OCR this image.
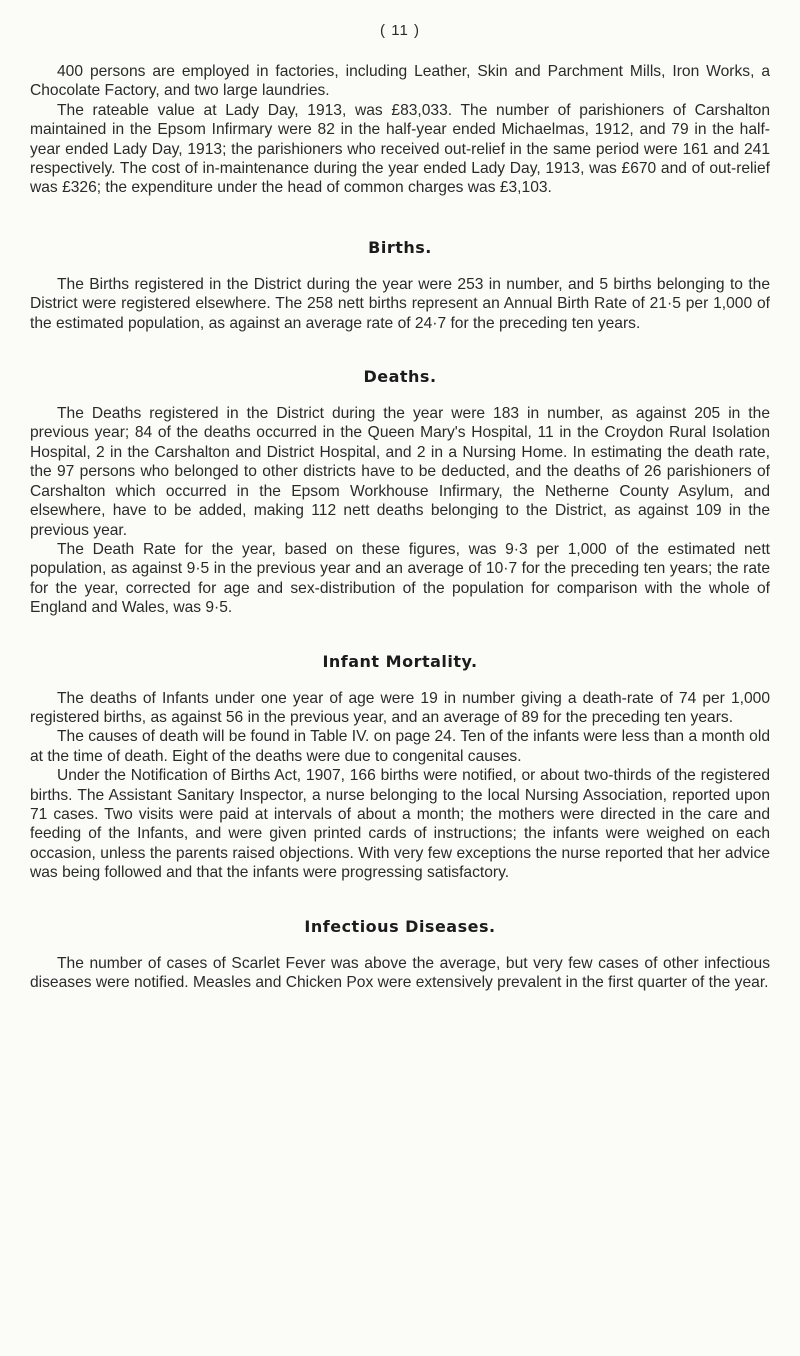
( 11 )

400 persons are employed in factories, including Leather, Skin and Parchment Mills, Iron Works, a Chocolate Factory, and two large laundries.

The rateable value at Lady Day, 1913, was £83,033. The number of parishioners of Carshalton maintained in the Epsom Infirmary were 82 in the half-year ended Michaelmas, 1912, and 79 in the half-year ended Lady Day, 1913; the parishioners who received out-relief in the same period were 161 and 241 respectively. The cost of in-maintenance during the year ended Lady Day, 1913, was £670 and of out-relief was £326; the expenditure under the head of common charges was £3,103.

Births.

The Births registered in the District during the year were 253 in number, and 5 births belonging to the District were registered elsewhere. The 258 nett births represent an Annual Birth Rate of 21·5 per 1,000 of the estimated population, as against an average rate of 24·7 for the preceding ten years.

Deaths.

The Deaths registered in the District during the year were 183 in number, as against 205 in the previous year; 84 of the deaths occurred in the Queen Mary's Hospital, 11 in the Croydon Rural Isolation Hospital, 2 in the Carshalton and District Hospital, and 2 in a Nursing Home. In estimating the death rate, the 97 persons who belonged to other districts have to be deducted, and the deaths of 26 parishioners of Carshalton which occurred in the Epsom Workhouse Infirmary, the Netherne County Asylum, and elsewhere, have to be added, making 112 nett deaths belonging to the District, as against 109 in the previous year.

The Death Rate for the year, based on these figures, was 9·3 per 1,000 of the estimated nett population, as against 9·5 in the previous year and an average of 10·7 for the preceding ten years; the rate for the year, corrected for age and sex-distribution of the population for comparison with the whole of England and Wales, was 9·5.

Infant Mortality.

The deaths of Infants under one year of age were 19 in number giving a death-rate of 74 per 1,000 registered births, as against 56 in the previous year, and an average of 89 for the preceding ten years.

The causes of death will be found in Table IV. on page 24. Ten of the infants were less than a month old at the time of death. Eight of the deaths were due to congenital causes.

Under the Notification of Births Act, 1907, 166 births were notified, or about two-thirds of the registered births. The Assistant Sanitary Inspector, a nurse belonging to the local Nursing Association, reported upon 71 cases. Two visits were paid at intervals of about a month; the mothers were directed in the care and feeding of the Infants, and were given printed cards of instructions; the infants were weighed on each occasion, unless the parents raised objections. With very few exceptions the nurse reported that her advice was being followed and that the infants were progressing satisfactory.

Infectious Diseases.

The number of cases of Scarlet Fever was above the average, but very few cases of other infectious diseases were notified. Measles and Chicken Pox were extensively prevalent in the first quarter of the year.
